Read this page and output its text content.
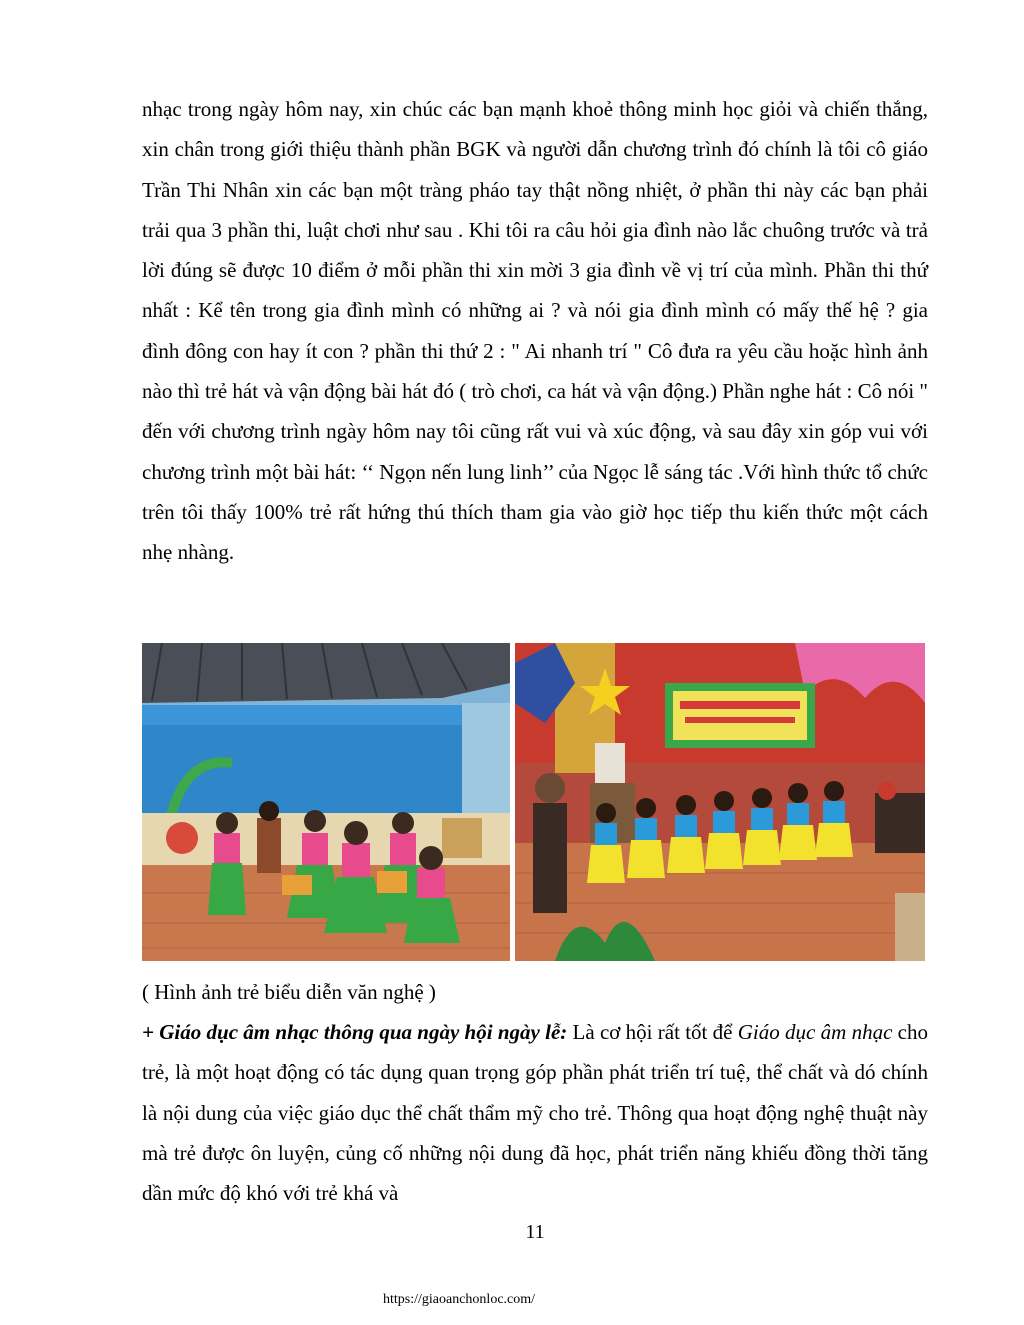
nhạc trong ngày hôm nay, xin chúc các bạn mạnh khoẻ thông minh học giỏi và chiến thắng, xin chân trong giới thiệu thành phần BGK và người dẫn chương trình đó chính là tôi cô giáo Trần Thi Nhân xin các bạn một tràng pháo tay thật nồng nhiệt, ở phần thi này các bạn phải trải qua 3 phần thi, luật chơi như sau . Khi tôi ra câu hỏi gia đình nào lắc chuông trước và trả lời đúng sẽ được 10 điểm ở mỗi phần thi xin mời 3 gia đình về vị trí của mình. Phần thi thứ nhất : Kể tên trong gia đình mình có những ai ? và nói gia đình mình có mấy thế hệ ? gia đình đông con hay ít con ? phần thi thứ 2 : " Ai nhanh trí " Cô đưa ra yêu cầu hoặc hình ảnh nào thì trẻ hát và vận động bài hát đó ( trò chơi, ca hát và vận động.) Phần nghe hát : Cô nói " đến với chương trình ngày hôm nay tôi cũng rất vui và xúc động, và sau đây xin góp vui với chương trình một bài hát: ‘‘ Ngọn nến lung linh’’ của Ngọc lễ sáng tác .Với hình thức tổ chức trên tôi thấy 100% trẻ rất hứng thú thích tham gia vào giờ học tiếp thu kiến thức một cách nhẹ nhàng.

( Hình ảnh trẻ biểu diễn văn nghệ )

+ Giáo dục âm nhạc thông qua ngày hội ngày lễ: Là cơ hội rất tốt để Giáo dục âm nhạc cho trẻ, là một hoạt động có tác dụng quan trọng góp phần phát triển trí tuệ, thể chất và dó chính là nội dung của việc giáo dục thể chất thẩm mỹ cho trẻ. Thông qua hoạt động nghệ thuật này mà trẻ được ôn luyện, củng cố những nội dung đã học, phát triển năng khiếu đồng thời tăng dần mức độ khó với trẻ khá và

11
https://giaoanchonloc.com/
